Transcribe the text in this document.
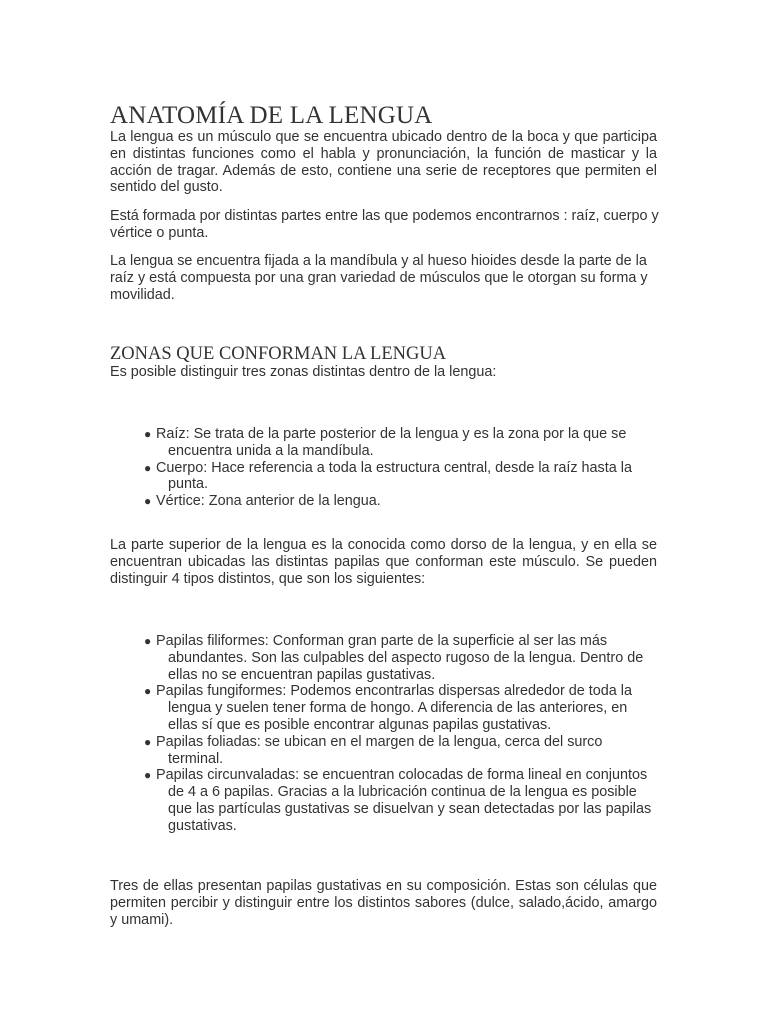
ANATOMÍA DE LA LENGUA

La lengua es un músculo que se encuentra ubicado dentro de la boca y que participa en distintas funciones como el habla y pronunciación, la función de masticar y la acción de tragar. Además de esto, contiene una serie de receptores que permiten el sentido del gusto.

Está formada por distintas partes entre las que podemos encontrarnos : raíz, cuerpo y vértice o punta.

La lengua se encuentra fijada a la mandíbula y al hueso hioides desde la parte de la raíz y está compuesta por una gran variedad de músculos que le otorgan su forma y movilidad.

ZONAS QUE CONFORMAN LA LENGUA

Es posible distinguir tres zonas distintas dentro de la lengua:

● Raíz: Se trata de la parte posterior de la lengua y es la zona por la que se encuentra unida a la mandíbula.
● Cuerpo: Hace referencia a toda la estructura central, desde la raíz hasta la punta.
● Vértice: Zona anterior de la lengua.

La parte superior de la lengua es la conocida como dorso de la lengua, y en ella se encuentran ubicadas las distintas papilas que conforman este músculo. Se pueden distinguir 4 tipos distintos, que son los siguientes:

● Papilas filiformes: Conforman gran parte de la superficie al ser las más abundantes. Son las culpables del aspecto rugoso de la lengua. Dentro de ellas no se encuentran papilas gustativas.
● Papilas fungiformes: Podemos encontrarlas dispersas alrededor de toda la lengua y suelen tener forma de hongo. A diferencia de las anteriores, en ellas sí que es posible encontrar algunas papilas gustativas.
● Papilas foliadas: se ubican en el margen de la lengua, cerca del surco terminal.
● Papilas circunvaladas: se encuentran colocadas de forma lineal en conjuntos de 4 a 6 papilas. Gracias a la lubricación continua de la lengua es posible que las partículas gustativas se disuelvan y sean detectadas por las papilas gustativas.

Tres de ellas presentan papilas gustativas en su composición. Estas son células que permiten percibir y distinguir entre los distintos sabores (dulce, salado,ácido, amargo y umami).
